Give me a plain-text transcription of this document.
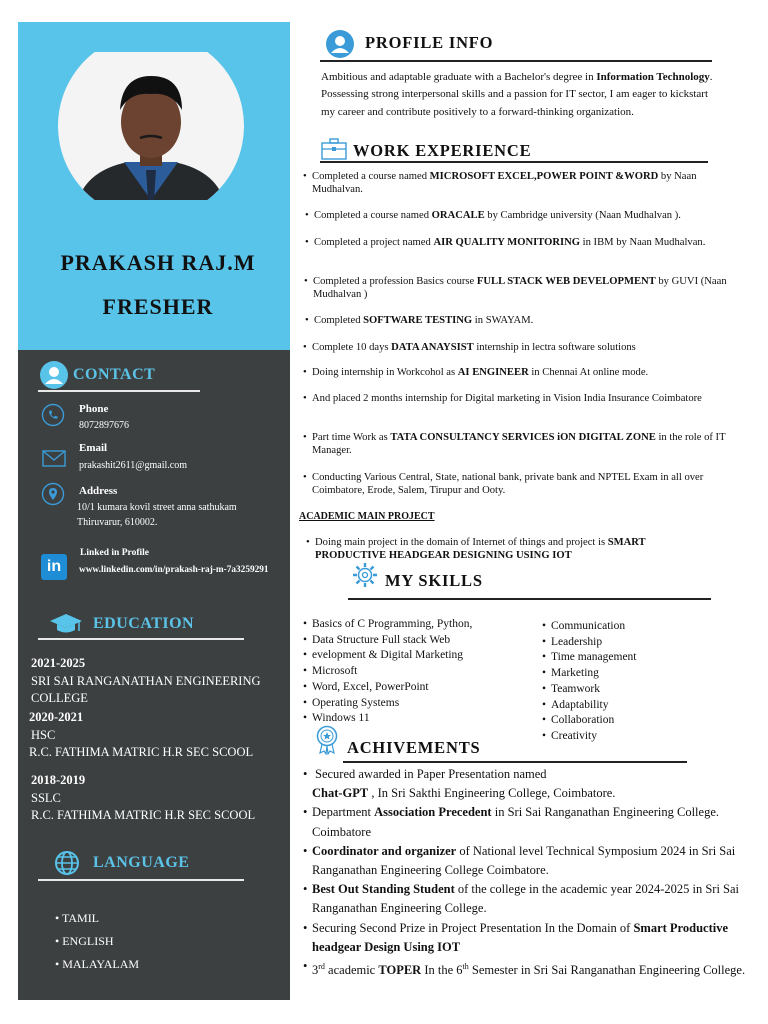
PRAKASH RAJ.M
FRESHER
CONTACT
Phone
8072897676
Email
prakashit2611@gmail.com
Address
10/1 kumara kovil street anna sathukam
Thiruvarur, 610002.
in
Linked in Profile
www.linkedin.com/in/prakash-raj-m-7a3259291
EDUCATION
2021-2025
SRI SAI RANGANATHAN ENGINEERING
COLLEGE
2020-2021
HSC
R.C. FATHIMA MATRIC H.R SEC SCOOL
2018-2019
SSLC
R.C. FATHIMA MATRIC H.R SEC SCOOL
LANGUAGE
• TAMIL
• ENGLISH
• MALAYALAM
PROFILE INFO
Ambitious and adaptable graduate with a Bachelor's degree in Information Technology. Possessing strong interpersonal skills and a passion for IT sector, I am eager to kickstart my career and contribute positively to a forward-thinking organization.
WORK EXPERIENCE
• Completed a course named MICROSOFT EXCEL,POWER POINT &WORD by Naan Mudhalvan.
• Completed a course named ORACALE by Cambridge university (Naan Mudhalvan ).
• Completed a project named AIR QUALITY MONITORING in IBM by Naan Mudhalvan.
• Completed a profession Basics course FULL STACK WEB DEVELOPMENT by GUVI (Naan Mudhalvan )
• Completed SOFTWARE TESTING in SWAYAM.
• Complete 10 days DATA ANAYSIST internship in lectra software solutions
• Doing internship in Workcohol as AI ENGINEER in Chennai At online mode.
• And placed 2 months internship for Digital marketing in Vision India Insurance Coimbatore
• Part time Work as TATA CONSULTANCY SERVICES iON DIGITAL ZONE in the role of IT Manager.
• Conducting Various Central, State, national bank, private bank and NPTEL Exam in all over Coimbatore, Erode, Salem, Tirupur and Ooty.
ACADEMIC MAIN PROJECT
• Doing main project in the domain of Internet of things and project is SMART PRODUCTIVE HEADGEAR DESIGNING USING IOT
MY SKILLS
• Basics of C Programming, Python,
• Data Structure Full stack Web
• evelopment & Digital Marketing
• Microsoft
• Word, Excel, PowerPoint
• Operating Systems
• Windows 11
• Communication
• Leadership
• Time management
• Marketing
• Teamwork
• Adaptability
• Collaboration
• Creativity
ACHIVEMENTS
• Secured awarded in Paper Presentation named
Chat-GPT , In Sri Sakthi Engineering College, Coimbatore.
• Department Association Precedent in Sri Sai Ranganathan Engineering College. Coimbatore
• Coordinator and organizer of National level Technical Symposium 2024 in Sri Sai Ranganathan Engineering College Coimbatore.
• Best Out Standing Student of the college in the academic year 2024-2025 in Sri Sai Ranganathan Engineering College.
• Securing Second Prize in Project Presentation In the Domain of Smart Productive headgear Design Using IOT
• 3rd academic TOPER In the 6th Semester in Sri Sai Ranganathan Engineering College.
